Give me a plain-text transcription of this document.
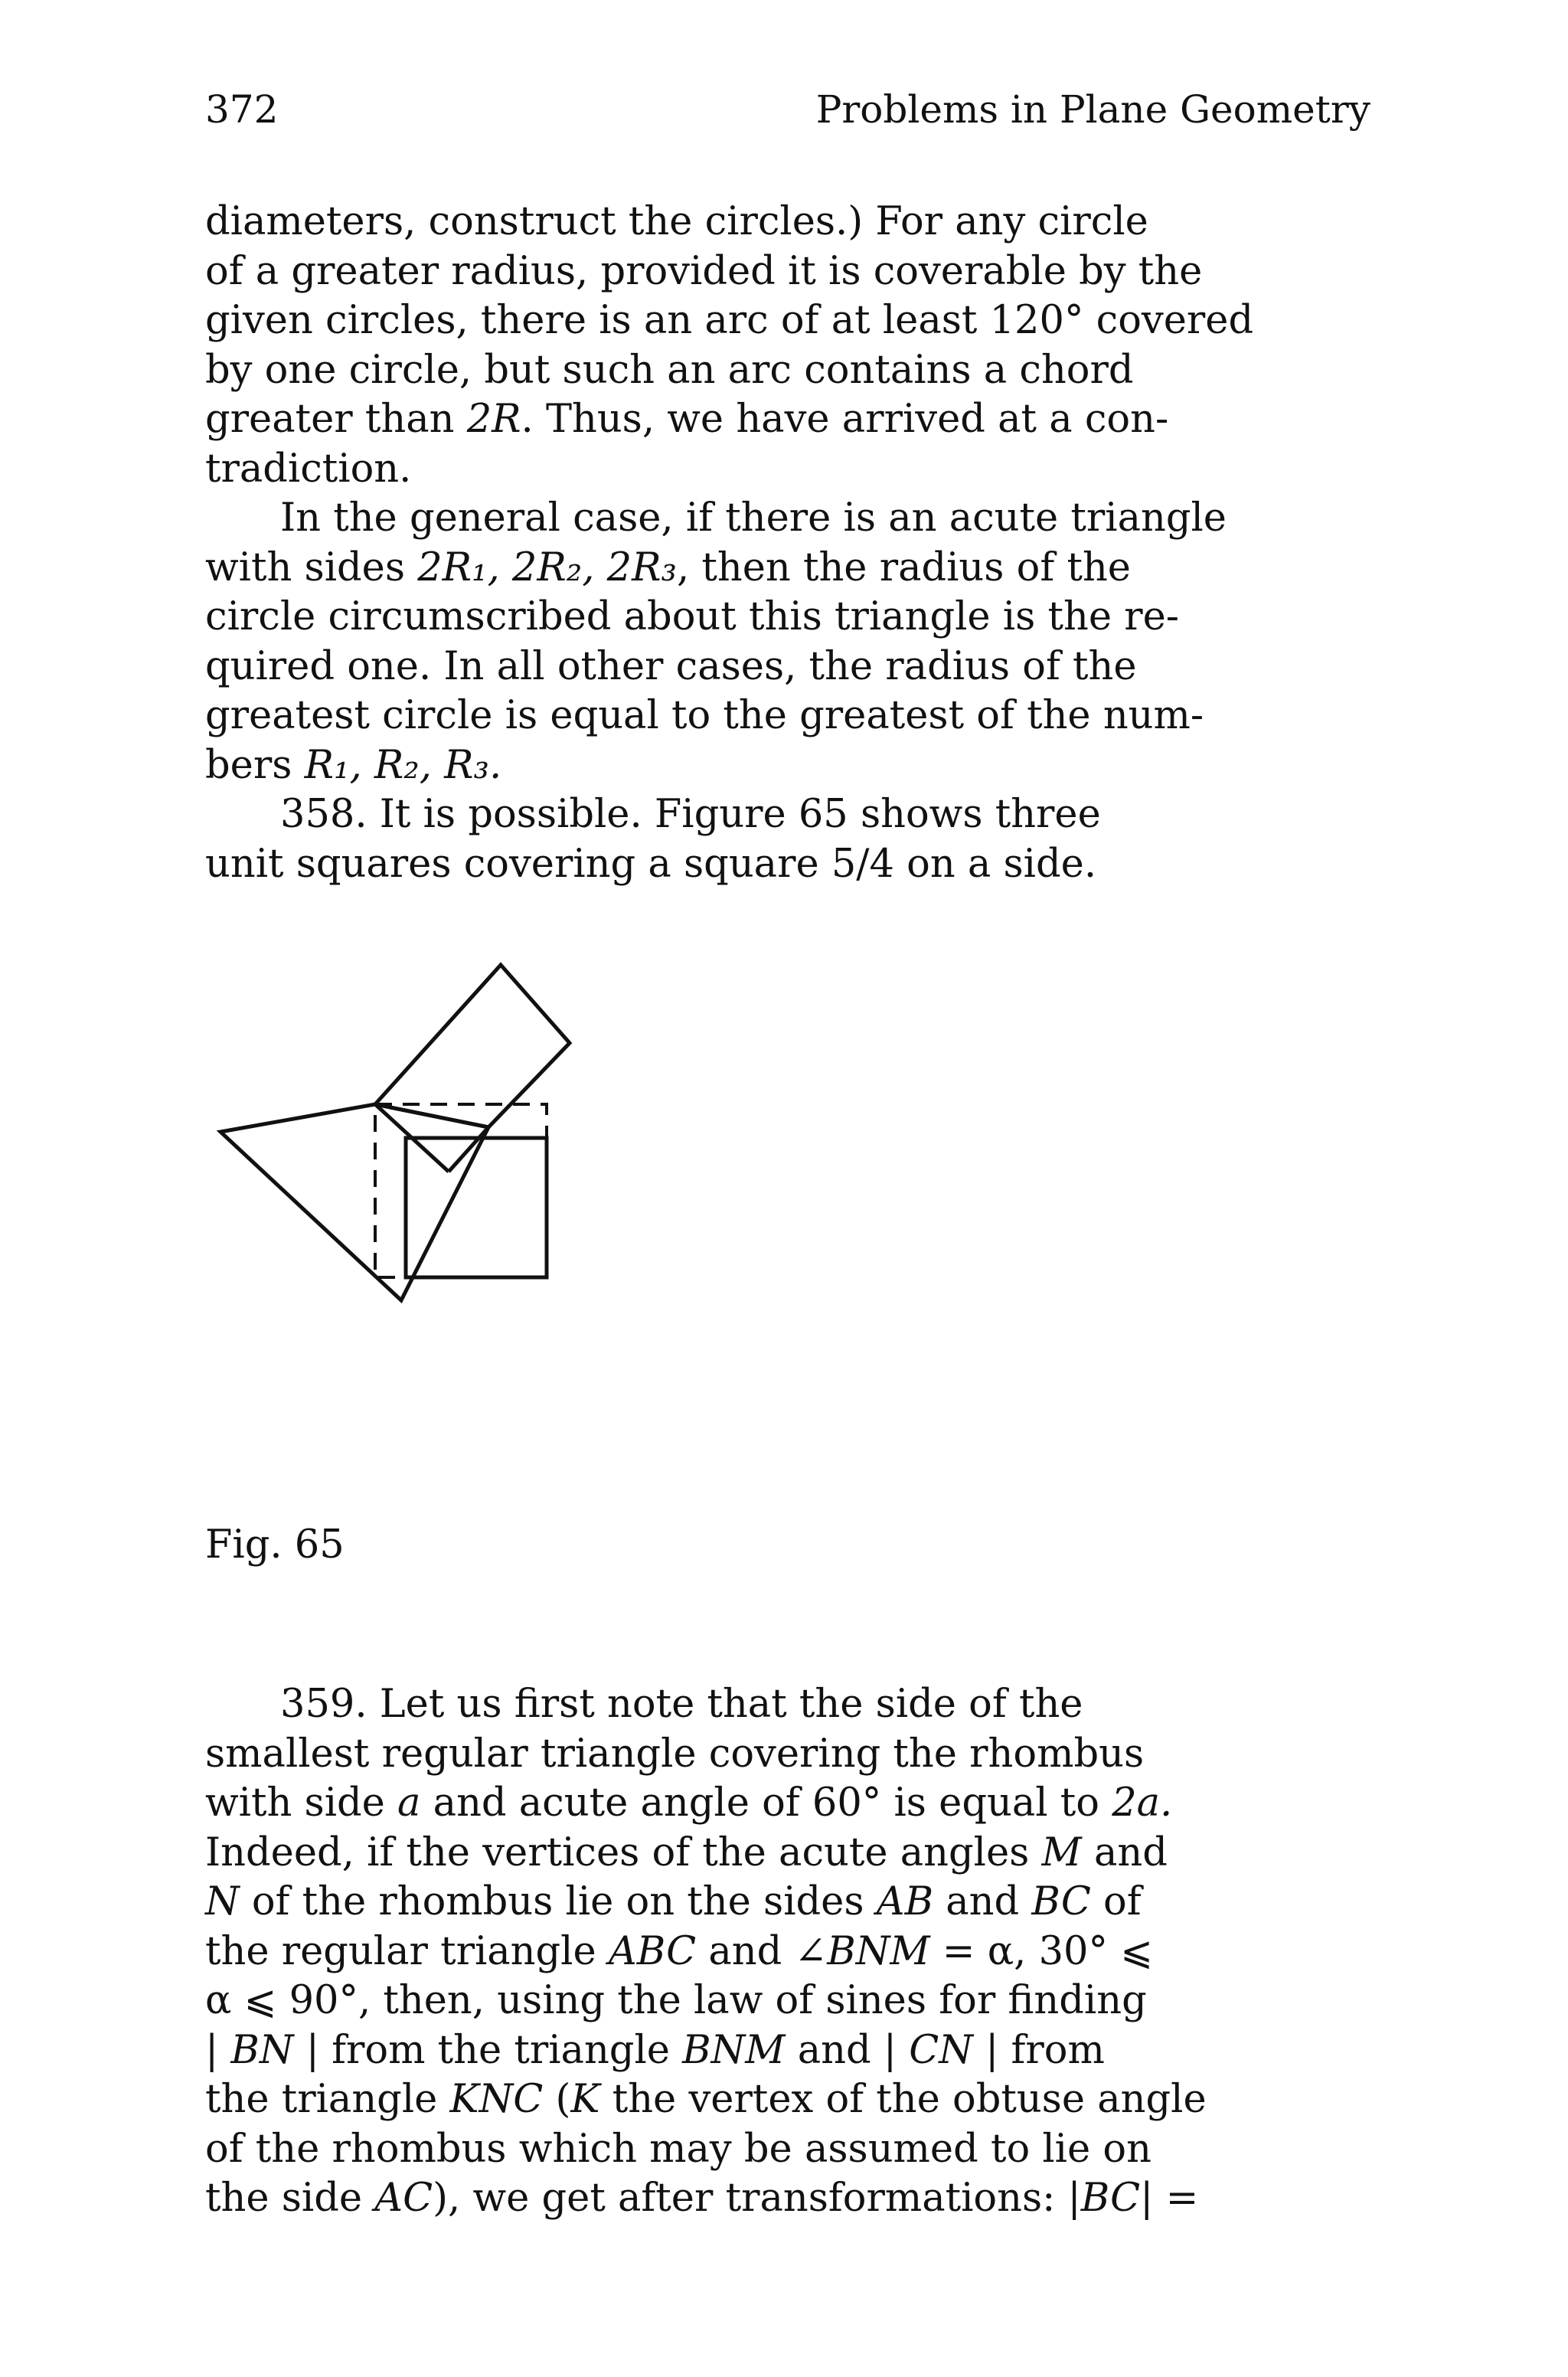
372	Problems in Plane Geometry

diameters, construct the circles.) For any circle

of a greater radius, provided it is coverable by the

given circles, there is an arc of at least 120° covered

by one circle, but such an arc contains a chord

greater than 2R. Thus, we have arrived at a con-

tradiction.

In the general case, if there is an acute triangle

with sides 2R₁, 2R₂, 2R₃, then the radius of the

circle circumscribed about this triangle is the re-

quired one. In all other cases, the radius of the

greatest circle is equal to the greatest of the num-

bers R₁, R₂, R₃.

358. It is possible. Figure 65 shows three

unit squares covering a square 5/4 on a side.

Fig. 65

359. Let us first note that the side of the

smallest regular triangle covering the rhombus

with side a and acute angle of 60° is equal to 2a.

Indeed, if the vertices of the acute angles M and

N of the rhombus lie on the sides AB and BC of

the regular triangle ABC and ∠BNM = α, 30° ⩽

α ⩽ 90°, then, using the law of sines for finding

| BN | from the triangle BNM and | CN | from

the triangle KNC (K the vertex of the obtuse angle

of the rhombus which may be assumed to lie on

the side AC), we get after transformations: |BC| =
